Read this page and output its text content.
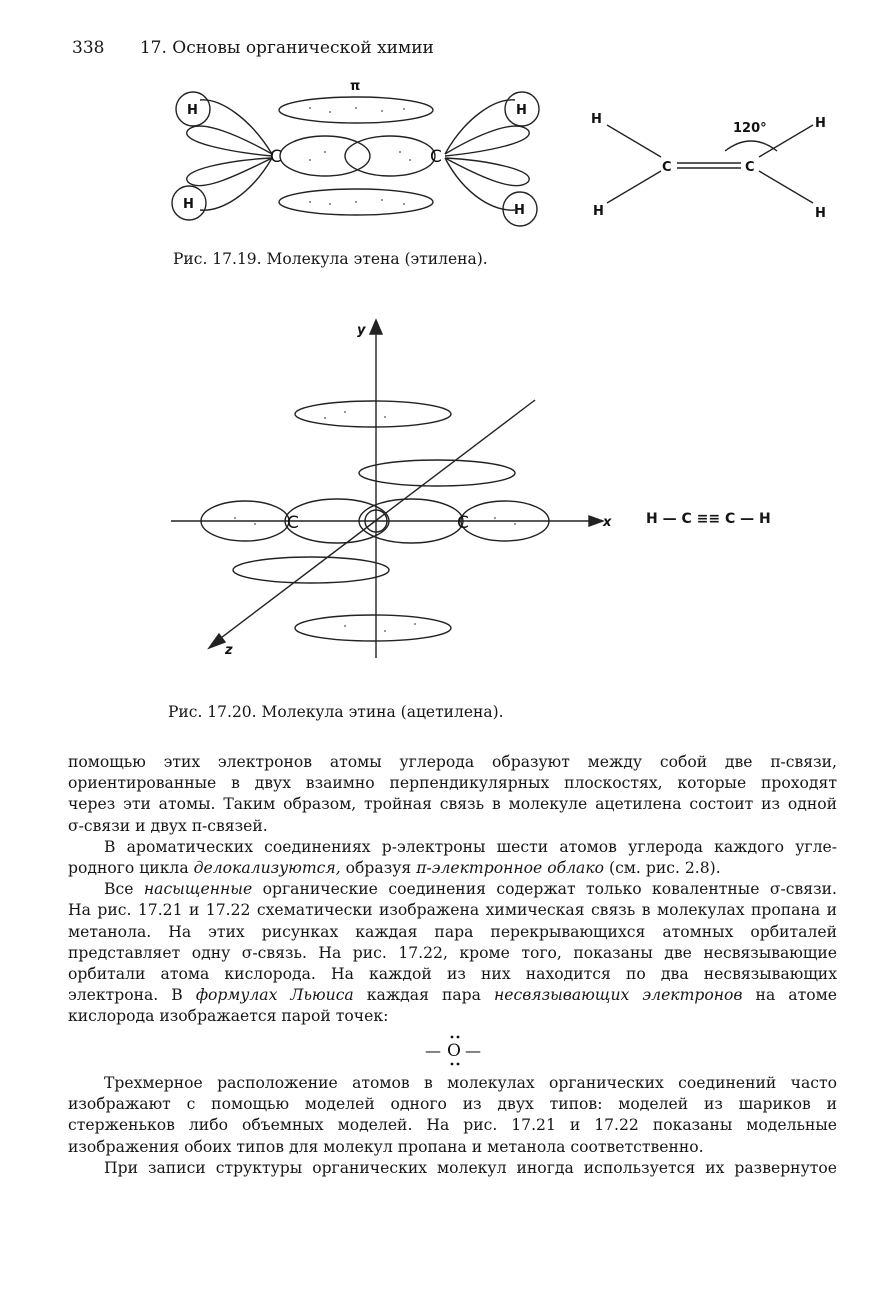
338 17. Основы органической химии
π
C	C
H
H
H
H
H
H
C	C
120°	H
H
Рис. 17.19. Молекула этена (этилена).
y
x
z
C	C	H — C ≡≡ C — H
Рис. 17.20. Молекула этина (ацетилена).

помощью этих электронов атомы углерода образуют между собой две π-связи,
ориентированные в двух взаимно перпендикулярных плоскостях, которые проходят
через эти атомы. Таким образом, тройная связь в молекуле ацетилена состоит из одной
σ-связи и двух π-связей.

В ароматических соединениях р-электроны шести атомов углерода каждого угле-
родного цикла делокализуются, образуя π-электронное облако (см. рис. 2.8).

Все насыщенные органические соединения содержат только ковалентные σ-связи.
На рис. 17.21 и 17.22 схематически изображена химическая связь в молекулах пропана и
метанола. На этих рисунках каждая пара перекрывающихся атомных орбиталей
представляет одну σ-связь. На рис. 17.22, кроме того, показаны две несвязывающие
орбитали атома кислорода. На каждой из них находится по два несвязывающих
электрона. В формулах Льюиса каждая пара несвязывающих электронов на атоме
кислорода изображается парой точек:

— O —

Трехмерное расположение атомов в молекулах органических соединений часто
изображают с помощью моделей одного из двух типов: моделей из шариков и
стерженьков либо объемных моделей. На рис. 17.21 и 17.22 показаны модельные
изображения обоих типов для молекул пропана и метанола соответственно.

При записи структуры органических молекул иногда используется их развернутое
